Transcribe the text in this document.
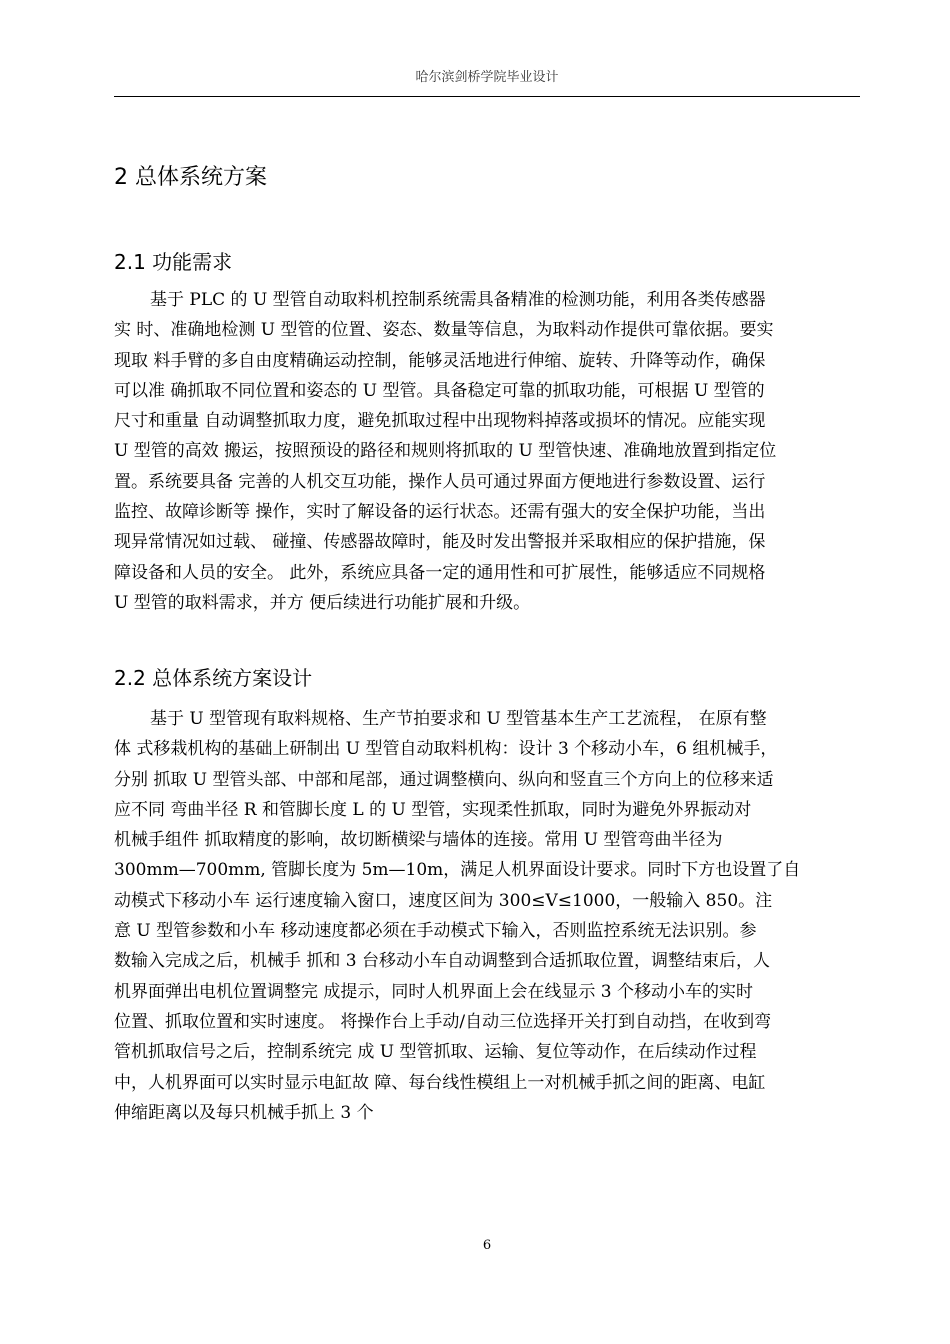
哈尔滨剑桥学院毕业设计
2 总体系统方案
2.1 功能需求

基于 PLC 的 U 型管自动取料机控制系统需具备精准的检测功能，利用各类传感器
实 时、准确地检测 U 型管的位置、姿态、数量等信息，为取料动作提供可靠依据。要实
现取 料手臂的多自由度精确运动控制，能够灵活地进行伸缩、旋转、升降等动作，确保
可以准 确抓取不同位置和姿态的 U 型管。具备稳定可靠的抓取功能，可根据 U 型管的
尺寸和重量 自动调整抓取力度，避免抓取过程中出现物料掉落或损坏的情况。应能实现
U 型管的高效 搬运，按照预设的路径和规则将抓取的 U 型管快速、准确地放置到指定位
置。系统要具备 完善的人机交互功能，操作人员可通过界面方便地进行参数设置、运行
监控、故障诊断等 操作，实时了解设备的运行状态。还需有强大的安全保护功能，当出
现异常情况如过载、 碰撞、传感器故障时，能及时发出警报并采取相应的保护措施，保
障设备和人员的安全。 此外，系统应具备一定的通用性和可扩展性，能够适应不同规格
U 型管的取料需求，并方 便后续进行功能扩展和升级。

2.2 总体系统方案设计

基于 U 型管现有取料规格、生产节拍要求和 U 型管基本生产工艺流程， 在原有整
体 式移栽机构的基础上研制出 U 型管自动取料机构：设计 3 个移动小车，6 组机械手，
分别 抓取 U 型管头部、中部和尾部，通过调整横向、纵向和竖直三个方向上的位移来适
应不同 弯曲半径 R 和管脚长度 L 的 U 型管，实现柔性抓取，同时为避免外界振动对
机械手组件 抓取精度的影响，故切断横梁与墙体的连接。常用 U 型管弯曲半径为
300mm—700mm, 管脚长度为 5m—10m，满足人机界面设计要求。同时下方也设置了自
动模式下移动小车 运行速度输入窗口，速度区间为 300≤V≤1000，一般输入 850。注
意 U 型管参数和小车 移动速度都必须在手动模式下输入，否则监控系统无法识别。参
数输入完成之后，机械手 抓和 3 台移动小车自动调整到合适抓取位置，调整结束后，人
机界面弹出电机位置调整完 成提示，同时人机界面上会在线显示 3 个移动小车的实时
位置、抓取位置和实时速度。 将操作台上手动/自动三位选择开关打到自动挡，在收到弯
管机抓取信号之后，控制系统完 成 U 型管抓取、运输、复位等动作，在后续动作过程
中，人机界面可以实时显示电缸故 障、每台线性模组上一对机械手抓之间的距离、电缸
伸缩距离以及每只机械手抓上 3 个

6
